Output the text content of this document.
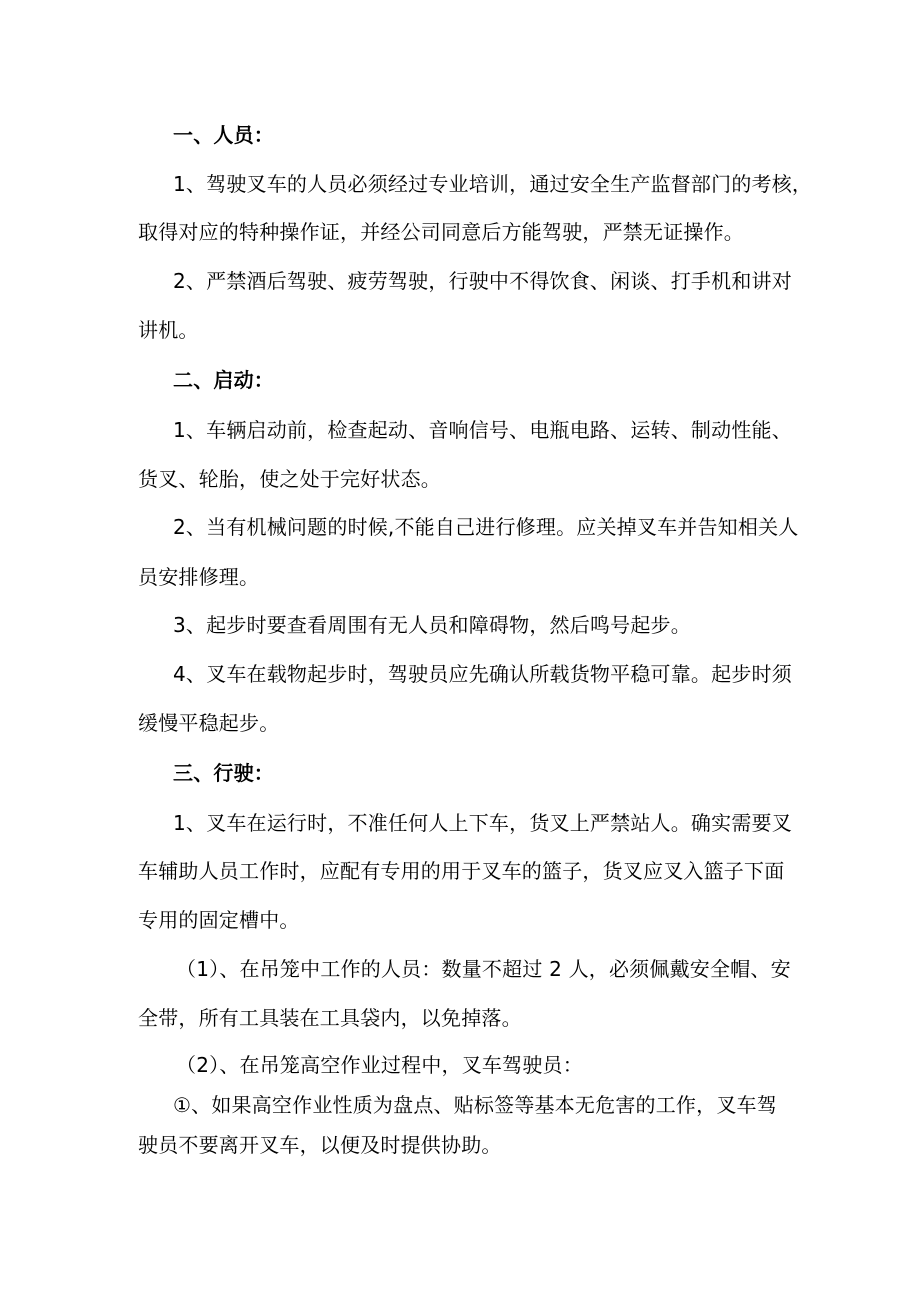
一、人员：
1、驾驶叉车的人员必须经过专业培训，通过安全生产监督部门的考核，
取得对应的特种操作证，并经公司同意后方能驾驶，严禁无证操作。
2、严禁酒后驾驶、疲劳驾驶，行驶中不得饮食、闲谈、打手机和讲对
讲机。
二、启动：
1、车辆启动前，检查起动、音响信号、电瓶电路、运转、制动性能、
货叉、轮胎，使之处于完好状态。
2、当有机械问题的时候,不能自己进行修理。应关掉叉车并告知相关人
员安排修理。
3、起步时要查看周围有无人员和障碍物，然后鸣号起步。
4、叉车在载物起步时，驾驶员应先确认所载货物平稳可靠。起步时须
缓慢平稳起步。
三、行驶：
1、叉车在运行时，不准任何人上下车，货叉上严禁站人。确实需要叉
车辅助人员工作时，应配有专用的用于叉车的篮子，货叉应叉入篮子下面
专用的固定槽中。
（1）、在吊笼中工作的人员：数量不超过 2 人，必须佩戴安全帽、安
全带，所有工具装在工具袋内，以免掉落。
（2）、在吊笼高空作业过程中，叉车驾驶员：
①、如果高空作业性质为盘点、贴标签等基本无危害的工作，叉车驾
驶员不要离开叉车，以便及时提供协助。
